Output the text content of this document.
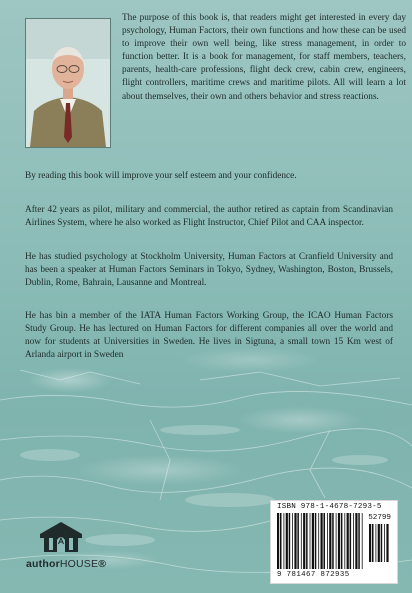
The purpose of this book is, that readers might get interested in every day psychology, Human Factors, their own functions and how these can be used to improve their own well being, like stress management, in order to function better. It is a book for management, for staff members, teachers, parents, health-care professions, flight deck crew, cabin crew, engineers, flight controllers, maritime crews and maritime pilots. All will learn a lot about themselves, their own and others behavior and stress reactions.

By reading this book will improve your self esteem and your confidence.

After 42 years as pilot, military and commercial, the author retired as captain from Scandinavian Airlines System, where he also worked as Flight Instructor, Chief Pilot and CAA inspector.

He has studied psychology at Stockholm University, Human Factors at Cranfield University and has been a speaker at Human Factors Seminars in Tokyo, Sydney, Washington, Boston, Brussels, Dublin, Rome, Bahrain, Lausanne and Montreal.

He has bin a member of the IATA Human Factors Working Group, the ICAO Human Factors Study Group. He has lectured on Human Factors for different companies all over the world and now for students at Universities in Sweden. He lives in Sigtuna, a small town 15 Km west of Arlanda airport in Sweden

authorHOUSE®
ISBN 978-1-4678-7293-5
52799
9 781467 872935
